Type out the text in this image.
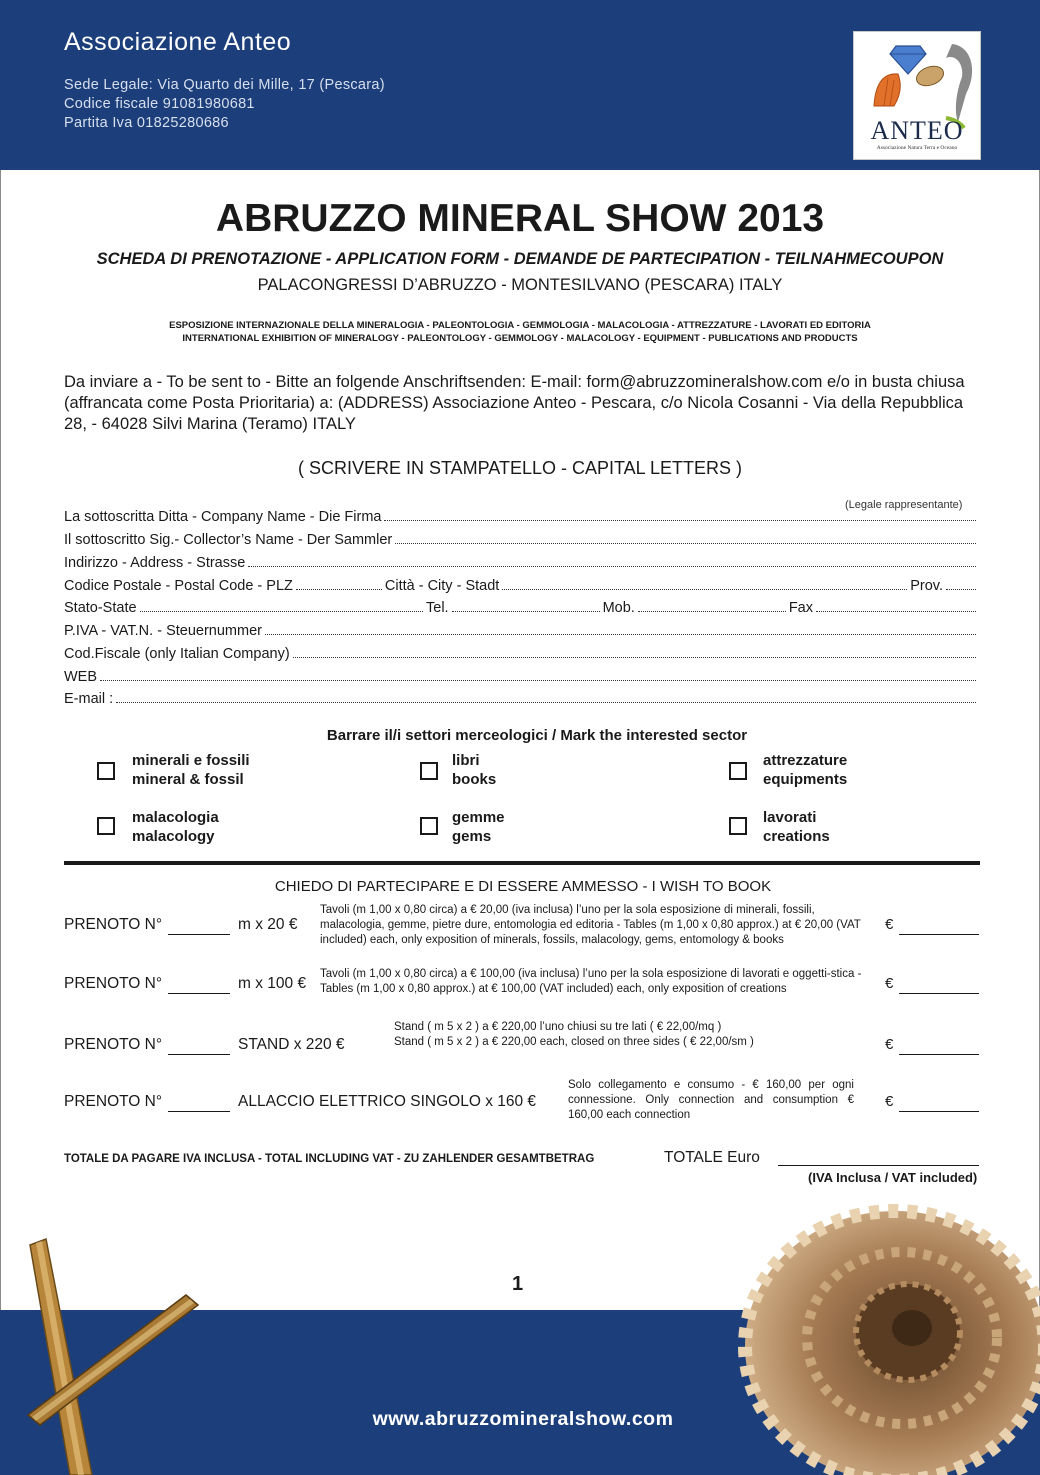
Associazione Anteo
Sede Legale: Via Quarto dei Mille, 17 (Pescara)
Codice fiscale 91081980681
Partita Iva 01825280686	ANTEO
Associazione Natura Terra e Oceano
ABRUZZO MINERAL SHOW 2013
SCHEDA DI PRENOTAZIONE - APPLICATION FORM - DEMANDE DE PARTECIPATION - TEILNAHMECOUPON
PALACONGRESSI D’ABRUZZO - MONTESILVANO (PESCARA) ITALY
ESPOSIZIONE INTERNAZIONALE DELLA MINERALOGIA - PALEONTOLOGIA - GEMMOLOGIA - MALACOLOGIA - ATTREZZATURE - LAVORATI ED EDITORIA
INTERNATIONAL EXHIBITION OF MINERALOGY - PALEONTOLOGY - GEMMOLOGY - MALACOLOGY - EQUIPMENT - PUBLICATIONS AND PRODUCTS
Da inviare a - To be sent to - Bitte an folgende Anschriftsenden: E-mail: form@abruzzomineralshow.com e/o in busta chiusa (affrancata come Posta Prioritaria) a: (ADDRESS) Associazione Anteo - Pescara, c/o Nicola Cosanni - Via della Repubblica 28, - 64028 Silvi Marina (Teramo) ITALY
( SCRIVERE IN STAMPATELLO - CAPITAL LETTERS )
(Legale rappresentante)
La sottoscritta Ditta - Company Name - Die Firma
Il sottoscritto Sig.- Collector’s Name - Der Sammler
Indirizzo - Address - Strasse
Codice Postale - Postal Code - PLZ	Città - City - Stadt	Prov.
Stato-State	Tel.	Mob.	Fax
P.IVA - VAT.N. - Steuernummer
Cod.Fiscale (only Italian Company)
WEB
E-mail :
Barrare il/i settori merceologici / Mark the interested sector
minerali e fossili
mineral & fossil
libri
books
attrezzature
equipments
malacologia
malacology
gemme
gems
lavorati
creations
CHIEDO DI PARTECIPARE E DI ESSERE AMMESSO - I WISH TO BOOK
PRENOTO N°	m x 20 €
Tavoli (m 1,00 x 0,80 circa) a € 20,00 (iva inclusa) l’uno per la sola esposizione di minerali, fossili, malacologia, gemme, pietre dure, entomologia ed editoria - Tables (m 1,00 x 0,80 approx.) at € 20,00 (VAT included) each, only exposition of minerals, fossils, malacology, gems, entomology & books
€
PRENOTO N°	m x 100 €
Tavoli (m 1,00 x 0,80 circa) a € 100,00 (iva inclusa) l’uno per la sola esposizione di lavorati e oggetti-stica - Tables (m 1,00 x 0,80 approx.) at € 100,00 (VAT included) each, only exposition of creations	€
PRENOTO N°	STAND x 220 €
Stand ( m 5 x 2 ) a € 220,00 l’uno chiusi su tre lati ( € 22,00/mq )
Stand ( m 5 x 2 ) a € 220,00 each, closed on three sides ( € 22,00/sm )	€
PRENOTO N°	ALLACCIO ELETTRICO SINGOLO x 160 €
Solo collegamento e consumo - € 160,00 per ogni connessione. Only connection and consumption € 160,00 each connection
€
TOTALE DA PAGARE IVA INCLUSA - TOTAL INCLUDING VAT - ZU ZAHLENDER GESAMTBETRAG	TOTALE Euro
(IVA Inclusa / VAT included)
1
www.abruzzomineralshow.com
